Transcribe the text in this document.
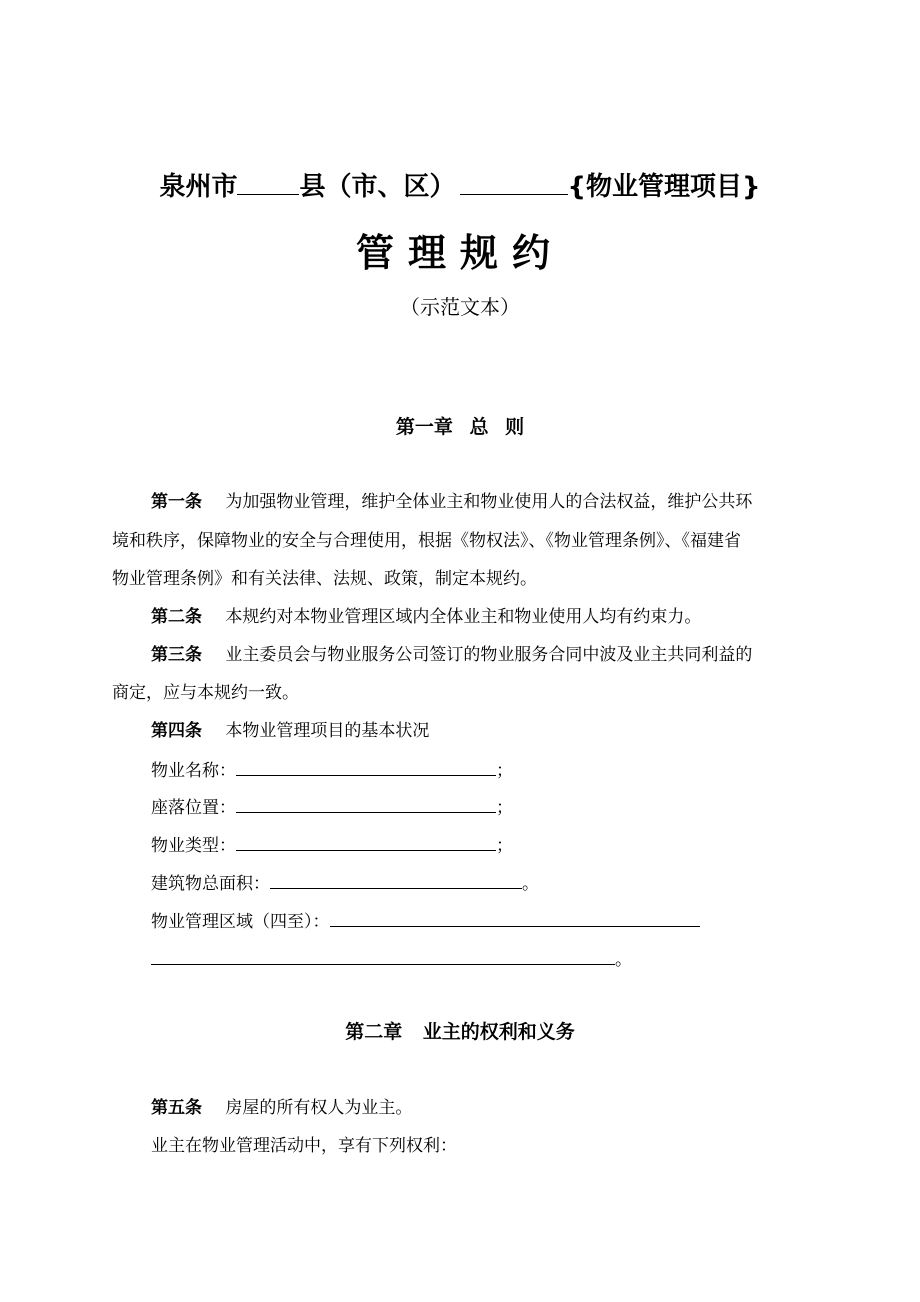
泉州市 县（市、区）	{物业管理项目}
管理规约
（示范文本）
第一章 总 则
第一条 为加强物业管理，维护全体业主和物业使用人的合法权益，维护公共环
境和秩序，保障物业的安全与合理使用，根据《物权法》、《物业管理条例》、《福建省
物业管理条例》和有关法律、法规、政策，制定本规约。
第二条 本规约对本物业管理区域内全体业主和物业使用人均有约束力。
第三条 业主委员会与物业服务公司签订的物业服务合同中波及业主共同利益的
商定，应与本规约一致。
第四条 本物业管理项目的基本状况
物业名称：	；
座落位置：	；
物业类型：	；
建筑物总面积：	。
物业管理区域（四至）：
。
第二章 业主的权利和义务
第五条 房屋的所有权人为业主。
业主在物业管理活动中，享有下列权利：
